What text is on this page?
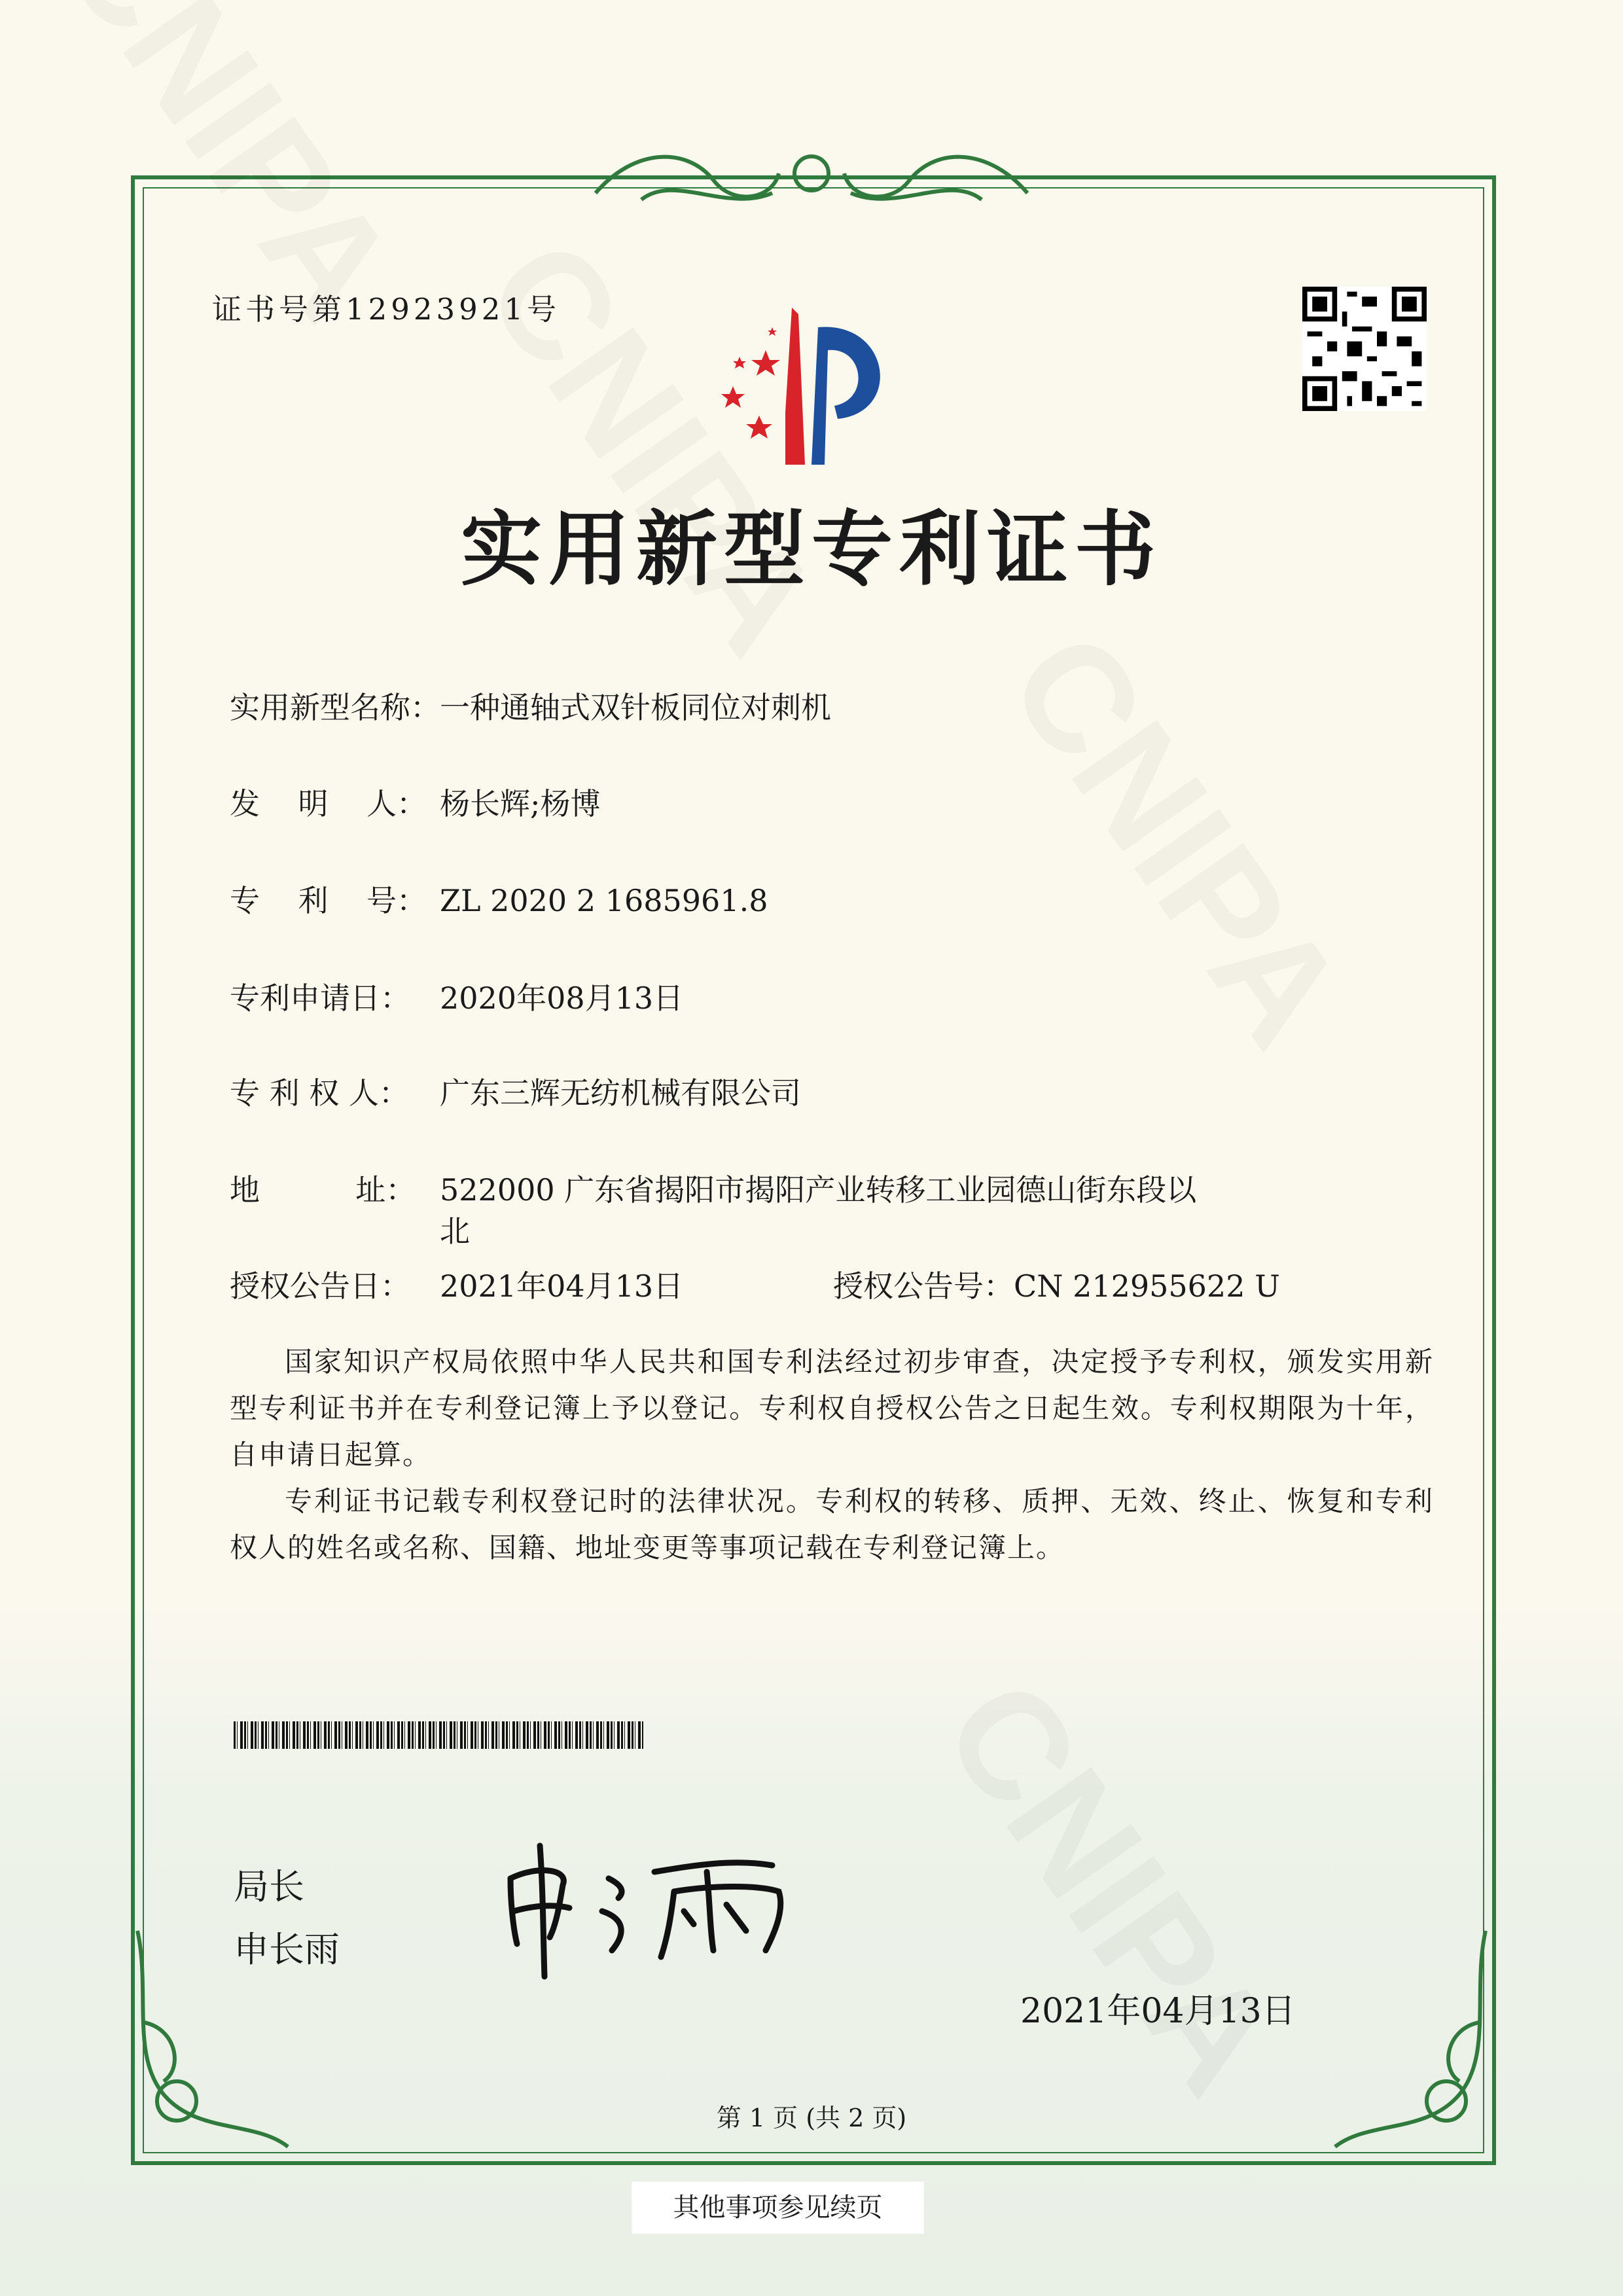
证书号第12923921号
实用新型专利证书
实用新型名称：一种通轴式双针板同位对刺机
发    明    人： 杨长辉;杨博
专    利    号： ZL 2020 2 1685961.8
专利申请日： 2020年08月13日
专 利 权 人： 广东三辉无纺机械有限公司
地          址： 522000 广东省揭阳市揭阳产业转移工业园德山街东段以
北
授权公告日： 2021年04月13日	授权公告号：CN 212955622 U

国家知识产权局依照中华人民共和国专利法经过初步审查，决定授予专利权，颁发实用新型专利证书并在专利登记簿上予以登记。专利权自授权公告之日起生效。专利权期限为十年，自申请日起算。

专利证书记载专利权登记时的法律状况。专利权的转移、质押、无效、终止、恢复和专利权人的姓名或名称、国籍、地址变更等事项记载在专利登记簿上。

局长
申长雨
2021年04月13日
第 1 页 (共 2 页)
其他事项参见续页
